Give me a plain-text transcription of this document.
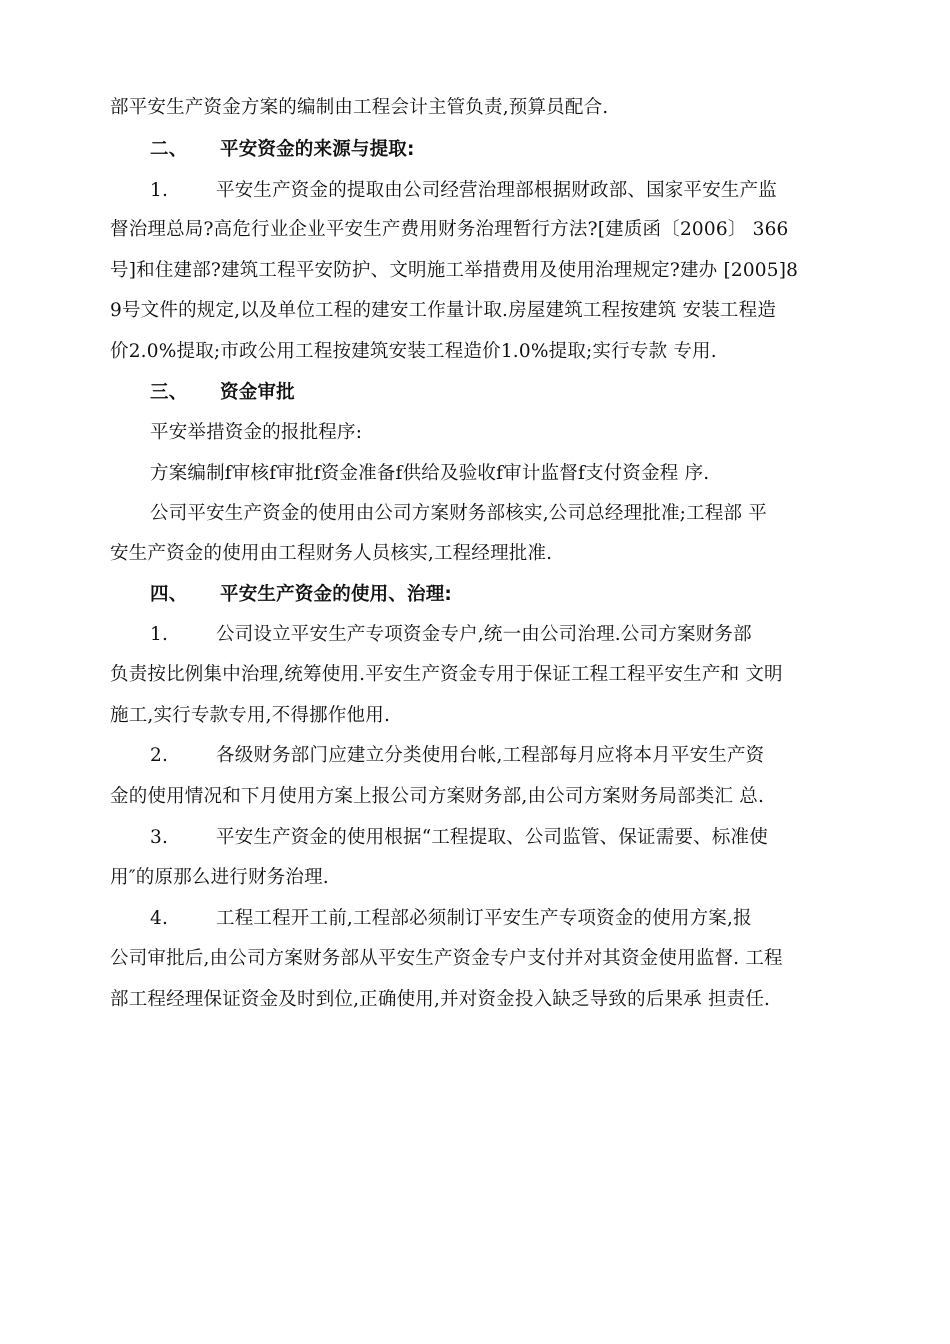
部平安生产资金方案的编制由工程会计主管负责,预算员配合.
二、 平安资金的来源与提取:
1.	平安生产资金的提取由公司经营治理部根据财政部、国家平安生产监
督治理总局?高危行业企业平安生产费用财务治理暂行方法?[建质函〔2006〕 366
号]和住建部?建筑工程平安防护、文明施工举措费用及使用治理规定?建办 [2005]8
9号文件的规定,以及单位工程的建安工作量计取.房屋建筑工程按建筑 安装工程造
价2.0%提取;市政公用工程按建筑安装工程造价1.0%提取;实行专款 专用.
三、 资金审批
平安举措资金的报批程序:
方案编制f审核f审批f资金准备f供给及验收f审计监督f支付资金程 序.
公司平安生产资金的使用由公司方案财务部核实,公司总经理批准;工程部 平
安生产资金的使用由工程财务人员核实,工程经理批准.
四、 平安生产资金的使用、治理:
1.	公司设立平安生产专项资金专户,统一由公司治理.公司方案财务部
负责按比例集中治理,统筹使用.平安生产资金专用于保证工程工程平安生产和 文明
施工,实行专款专用,不得挪作他用.
2.	各级财务部门应建立分类使用台帐,工程部每月应将本月平安生产资
金的使用情况和下月使用方案上报公司方案财务部,由公司方案财务局部类汇 总.
3.	平安生产资金的使用根据“工程提取、公司监管、保证需要、标准使
用″的原那么进行财务治理.
4.	工程工程开工前,工程部必须制订平安生产专项资金的使用方案,报
公司审批后,由公司方案财务部从平安生产资金专户支付并对其资金使用监督. 工程
部工程经理保证资金及时到位,正确使用,并对资金投入缺乏导致的后果承 担责任.
